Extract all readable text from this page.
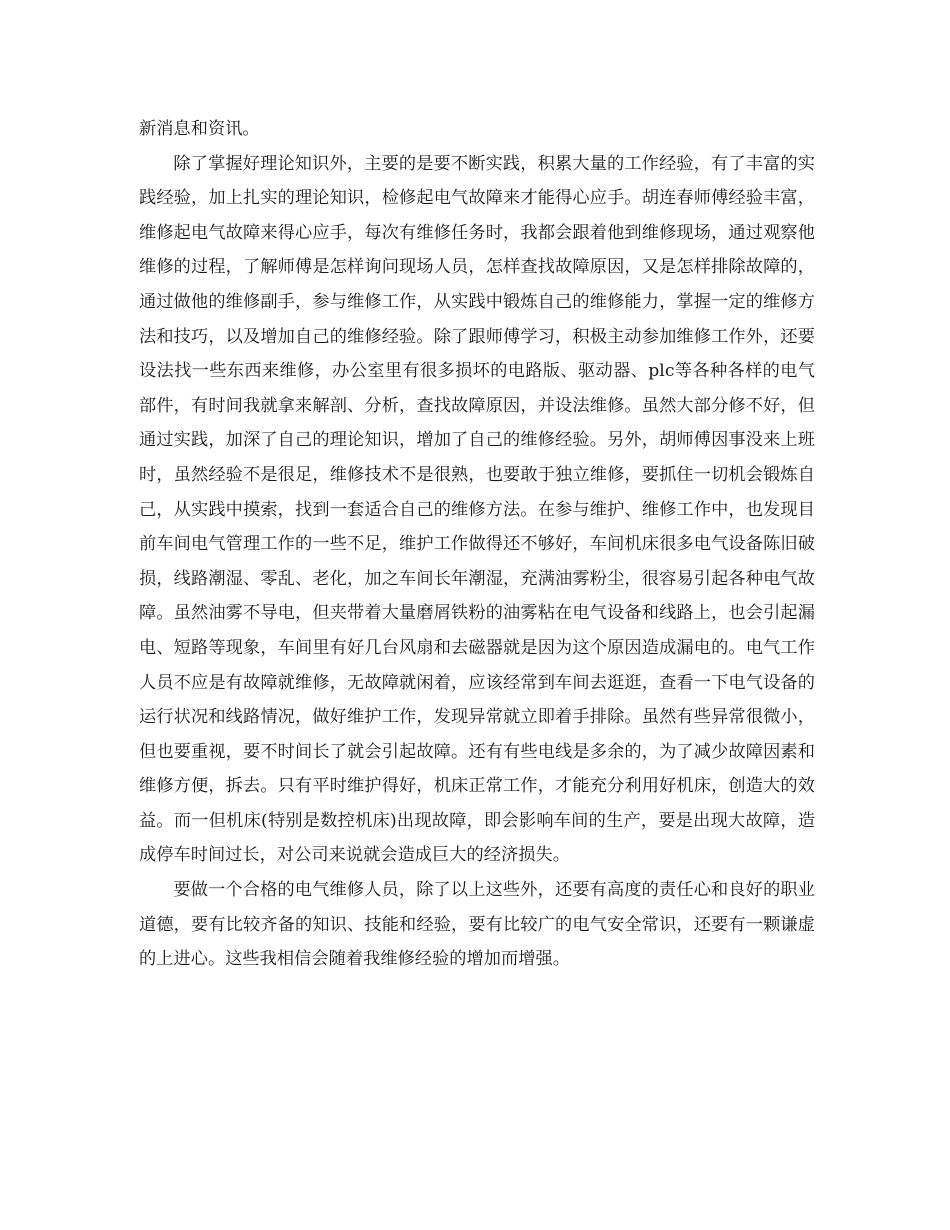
新消息和资讯。

除了掌握好理论知识外，主要的是要不断实践，积累大量的工作经验，有了丰富的实践经验，加上扎实的理论知识，检修起电气故障来才能得心应手。胡连春师傅经验丰富，维修起电气故障来得心应手，每次有维修任务时，我都会跟着他到维修现场，通过观察他维修的过程，了解师傅是怎样询问现场人员，怎样查找故障原因，又是怎样排除故障的，通过做他的维修副手，参与维修工作，从实践中锻炼自己的维修能力，掌握一定的维修方法和技巧，以及增加自己的维修经验。除了跟师傅学习，积极主动参加维修工作外，还要设法找一些东西来维修，办公室里有很多损坏的电路版、驱动器、plc等各种各样的电气部件，有时间我就拿来解剖、分析，查找故障原因，并设法维修。虽然大部分修不好，但通过实践，加深了自己的理论知识，增加了自己的维修经验。另外，胡师傅因事没来上班时，虽然经验不是很足，维修技术不是很熟，也要敢于独立维修，要抓住一切机会锻炼自己，从实践中摸索，找到一套适合自己的维修方法。在参与维护、维修工作中，也发现目前车间电气管理工作的一些不足，维护工作做得还不够好，车间机床很多电气设备陈旧破损，线路潮湿、零乱、老化，加之车间长年潮湿，充满油雾粉尘，很容易引起各种电气故障。虽然油雾不导电，但夹带着大量磨屑铁粉的油雾粘在电气设备和线路上，也会引起漏电、短路等现象，车间里有好几台风扇和去磁器就是因为这个原因造成漏电的。电气工作人员不应是有故障就维修，无故障就闲着，应该经常到车间去逛逛，查看一下电气设备的运行状况和线路情况，做好维护工作，发现异常就立即着手排除。虽然有些异常很微小，但也要重视，要不时间长了就会引起故障。还有有些电线是多余的，为了减少故障因素和维修方便，拆去。只有平时维护得好，机床正常工作，才能充分利用好机床，创造大的效益。而一但机床(特别是数控机床)出现故障，即会影响车间的生产，要是出现大故障，造成停车时间过长，对公司来说就会造成巨大的经济损失。

要做一个合格的电气维修人员，除了以上这些外，还要有高度的责任心和良好的职业道德，要有比较齐备的知识、技能和经验，要有比较广的电气安全常识，还要有一颗谦虚的上进心。这些我相信会随着我维修经验的增加而增强。
